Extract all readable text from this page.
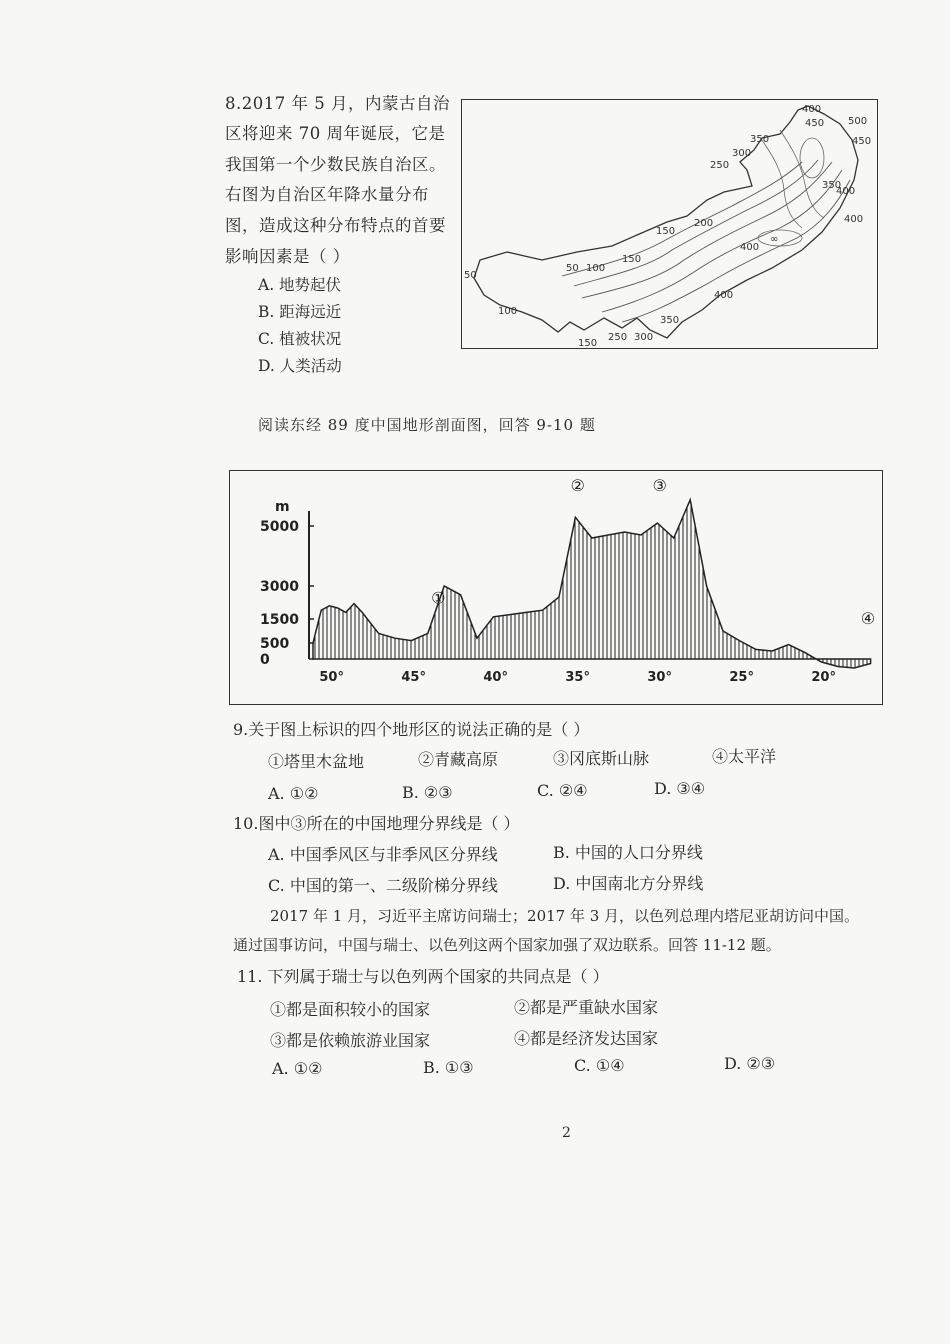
8.2017 年 5 月，内蒙古自治
区将迎来 70 周年诞辰，它是
我国第一个少数民族自治区。
右图为自治区年降水量分布
图，造成这种分布特点的首要
影响因素是（ ）
A. 地势起伏
B. 距海远近
C. 植被状况
D. 人类活动
400
450 500
450
350
300
250
350
400
400
200
150
150
100
50
50
100
400
400
350
150
250 300
∞
阅读东经 89 度中国地形剖面图，回答 9-10 题
m
5000
3000
1500
500
0
50°	45°	40°	35°	30°	25°	20°
①
②	③
④
9.关于图上标识的四个地形区的说法正确的是（ ）
①塔里木盆地	②青藏高原	③冈底斯山脉	④太平洋
A. ①②	B. ②③	C. ②④	D. ③④
10.图中③所在的中国地理分界线是（ ）
A. 中国季风区与非季风区分界线	B. 中国的人口分界线
C. 中国的第一、二级阶梯分界线	D. 中国南北方分界线
2017 年 1 月，习近平主席访问瑞士；2017 年 3 月，以色列总理内塔尼亚胡访问中国。
通过国事访问，中国与瑞士、以色列这两个国家加强了双边联系。回答 11-12 题。
11. 下列属于瑞士与以色列两个国家的共同点是（ ）
①都是面积较小的国家	②都是严重缺水国家
③都是依赖旅游业国家	④都是经济发达国家
A. ①②	B. ①③	C. ①④	D. ②③
2
